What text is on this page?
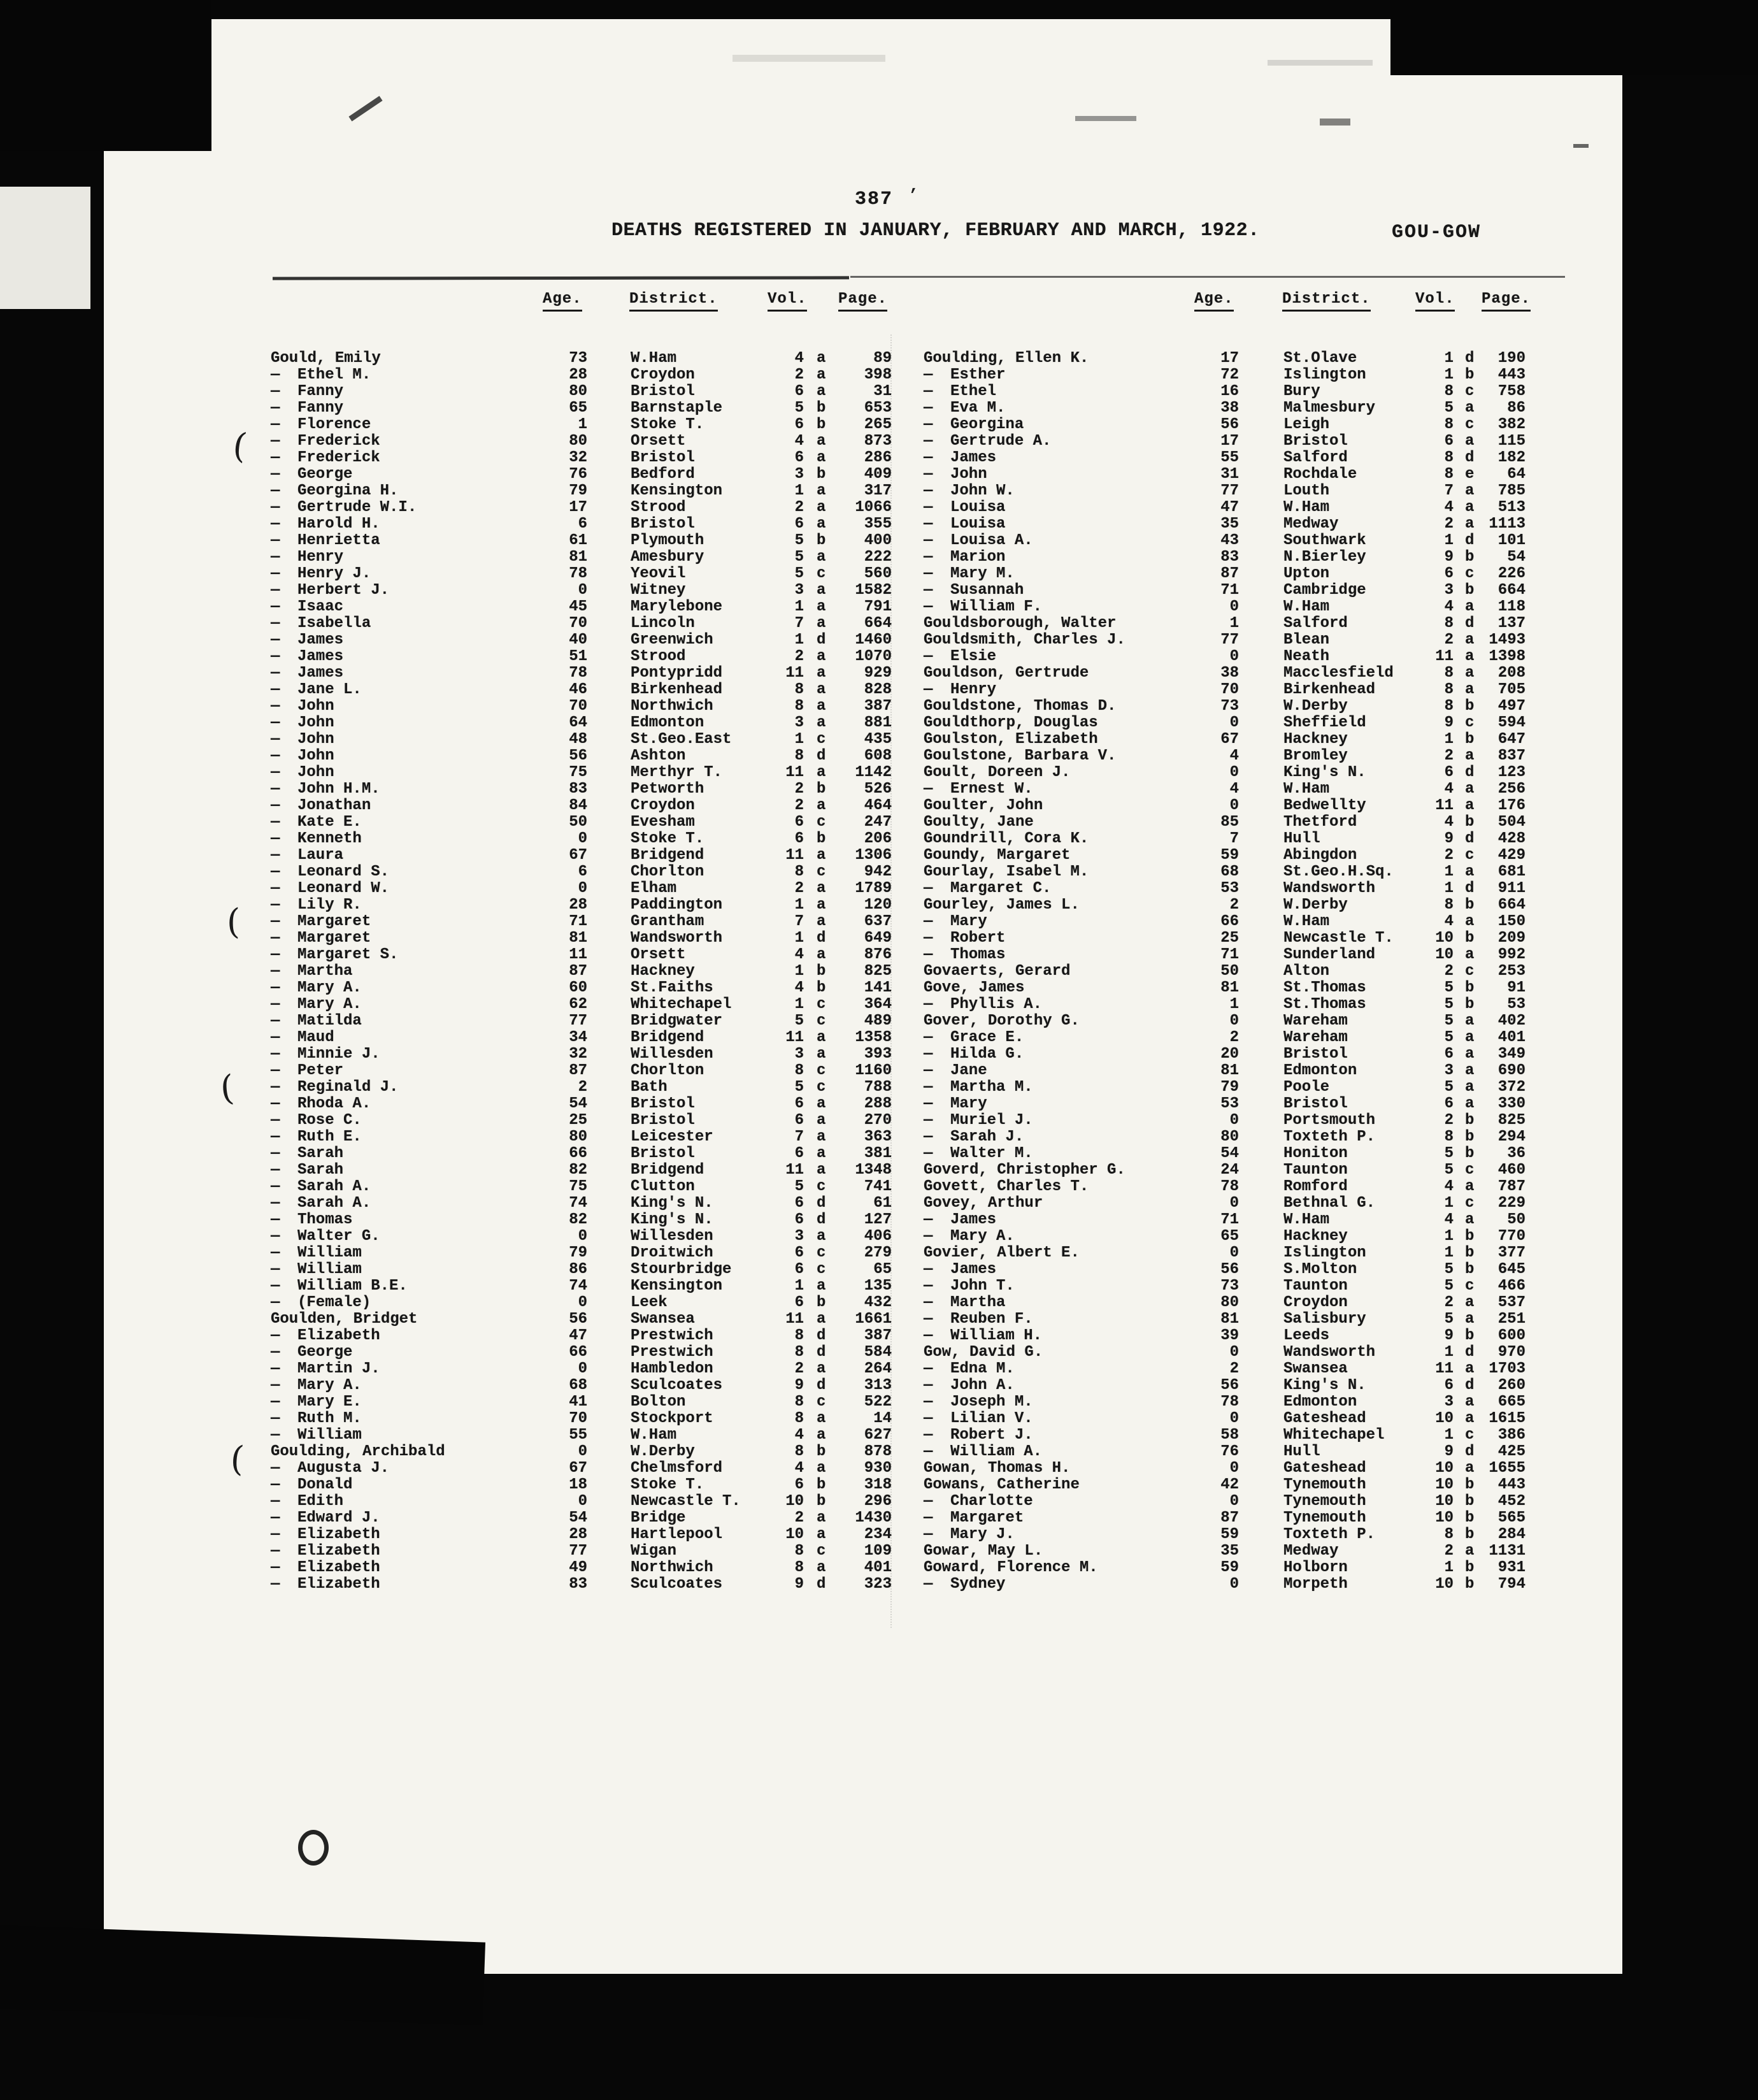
387 ’
DEATHS REGISTERED IN JANUARY, FEBRUARY AND MARCH, 1922.	GOU-GOW
Age.	District.	Vol. Page.	Age.	District.	Vol. Page.
Gould, Emily	73	W.Ham	4 a	89
— Ethel M.	28	Croydon	2 a	398
— Fanny	80	Bristol	6 a	31
— Fanny	65	Barnstaple	5 b	653
— Florence	1	Stoke T.	6 b	265
— Frederick	80	Orsett	4 a	873
— Frederick	32	Bristol	6 a	286
— George	76	Bedford	3 b	409
— Georgina H.	79	Kensington	1 a	317
— Gertrude W.I.	17	Strood	2 a	1066
— Harold H.	6	Bristol	6 a	355
— Henrietta	61	Plymouth	5 b	400
— Henry	81	Amesbury	5 a	222
— Henry J.	78	Yeovil	5 c	560
— Herbert J.	0	Witney	3 a	1582
— Isaac	45	Marylebone	1 a	791
— Isabella	70	Lincoln	7 a	664
— James	40	Greenwich	1 d	1460
— James	51	Strood	2 a	1070
— James	78	Pontypridd	11 a	929
— Jane L.	46	Birkenhead	8 a	828
— John	70	Northwich	8 a	387
— John	64	Edmonton	3 a	881
— John	48	St.Geo.East	1 c	435
— John	56	Ashton	8 d	608
— John	75	Merthyr T.	11 a	1142
— John H.M.	83	Petworth	2 b	526
— Jonathan	84	Croydon	2 a	464
— Kate E.	50	Evesham	6 c	247
— Kenneth	0	Stoke T.	6 b	206
— Laura	67	Bridgend	11 a	1306
— Leonard S.	6	Chorlton	8 c	942
— Leonard W.	0	Elham	2 a	1789
— Lily R.	28	Paddington	1 a	120
— Margaret	71	Grantham	7 a	637
— Margaret	81	Wandsworth	1 d	649
— Margaret S.	11	Orsett	4 a	876
— Martha	87	Hackney	1 b	825
— Mary A.	60	St.Faiths	4 b	141
— Mary A.	62	Whitechapel	1 c	364
— Matilda	77	Bridgwater	5 c	489
— Maud	34	Bridgend	11 a	1358
— Minnie J.	32	Willesden	3 a	393
— Peter	87	Chorlton	8 c	1160
— Reginald J.	2	Bath	5 c	788
— Rhoda A.	54	Bristol	6 a	288
— Rose C.	25	Bristol	6 a	270
— Ruth E.	80	Leicester	7 a	363
— Sarah	66	Bristol	6 a	381
— Sarah	82	Bridgend	11 a	1348
— Sarah A.	75	Clutton	5 c	741
— Sarah A.	74	King's N.	6 d	61
— Thomas	82	King's N.	6 d	127
— Walter G.	0	Willesden	3 a	406
— William	79	Droitwich	6 c	279
— William	86	Stourbridge	6 c	65
— William B.E.	74	Kensington	1 a	135
— (Female)	0	Leek	6 b	432
Goulden, Bridget	56	Swansea	11 a	1661
— Elizabeth	47	Prestwich	8 d	387
— George	66	Prestwich	8 d	584
— Martin J.	0	Hambledon	2 a	264
— Mary A.	68	Sculcoates	9 d	313
— Mary E.	41	Bolton	8 c	522
— Ruth M.	70	Stockport	8 a	14
— William	55	W.Ham	4 a	627
Goulding, Archibald	0	W.Derby	8 b	878
— Augusta J.	67	Chelmsford	4 a	930
— Donald	18	Stoke T.	6 b	318
— Edith	0	Newcastle T.	10 b	296
— Edward J.	54	Bridge	2 a	1430
— Elizabeth	28	Hartlepool	10 a	234
— Elizabeth	77	Wigan	8 c	109
— Elizabeth	49	Northwich	8 a	401
— Elizabeth	83	Sculcoates	9 d	323
Goulding, Ellen K.	17	St.Olave	1 d	190
— Esther	72	Islington	1 b	443
— Ethel	16	Bury	8 c	758
— Eva M.	38	Malmesbury	5 a	86
— Georgina	56	Leigh	8 c	382
— Gertrude A.	17	Bristol	6 a	115
— James	55	Salford	8 d	182
— John	31	Rochdale	8 e	64
— John W.	77	Louth	7 a	785
— Louisa	47	W.Ham	4 a	513
— Louisa	35	Medway	2 a 1113
— Louisa A.	43	Southwark	1 d	101
— Marion	83	N.Bierley	9 b	54
— Mary M.	87	Upton	6 c	226
— Susannah	71	Cambridge	3 b	664
— William F.	0	W.Ham	4 a	118
Gouldsborough, Walter	1	Salford	8 d	137
Gouldsmith, Charles J.	77	Blean	2 a 1493
— Elsie	0	Neath	11 a 1398
Gouldson, Gertrude	38	Macclesfield	8 a	208
— Henry	70	Birkenhead	8 a	705
Gouldstone, Thomas D.	73	W.Derby	8 b	497
Gouldthorp, Douglas	0	Sheffield	9 c	594
Goulston, Elizabeth	67	Hackney	1 b	647
Goulstone, Barbara V.	4	Bromley	2 a	837
Goult, Doreen J.	0	King's N.	6 d	123
— Ernest W.	4	W.Ham	4 a	256
Goulter, John	0	Bedwellty	11 a	176
Goulty, Jane	85	Thetford	4 b	504
Goundrill, Cora K.	7	Hull	9 d	428
Goundy, Margaret	59	Abingdon	2 c	429
Gourlay, Isabel M.	68	St.Geo.H.Sq.	1 a	681
— Margaret C.	53	Wandsworth	1 d	911
Gourley, James L.	2	W.Derby	8 b	664
— Mary	66	W.Ham	4 a	150
— Robert	25	Newcastle T.	10 b	209
— Thomas	71	Sunderland	10 a	992
Govaerts, Gerard	50	Alton	2 c	253
Gove, James	81	St.Thomas	5 b	91
— Phyllis A.	1	St.Thomas	5 b	53
Gover, Dorothy G.	0	Wareham	5 a	402
— Grace E.	2	Wareham	5 a	401
— Hilda G.	20	Bristol	6 a	349
— Jane	81	Edmonton	3 a	690
— Martha M.	79	Poole	5 a	372
— Mary	53	Bristol	6 a	330
— Muriel J.	0	Portsmouth	2 b	825
— Sarah J.	80	Toxteth P.	8 b	294
— Walter M.	54	Honiton	5 b	36
Goverd, Christopher G.	24	Taunton	5 c	460
Govett, Charles T.	78	Romford	4 a	787
Govey, Arthur	0	Bethnal G.	1 c	229
— James	71	W.Ham	4 a	50
— Mary A.	65	Hackney	1 b	770
Govier, Albert E.	0	Islington	1 b	377
— James	56	S.Molton	5 b	645
— John T.	73	Taunton	5 c	466
— Martha	80	Croydon	2 a	537
— Reuben F.	81	Salisbury	5 a	251
— William H.	39	Leeds	9 b	600
Gow, David G.	0	Wandsworth	1 d	970
— Edna M.	2	Swansea	11 a 1703
— John A.	56	King's N.	6 d	260
— Joseph M.	78	Edmonton	3 a	665
— Lilian V.	0	Gateshead	10 a 1615
— Robert J.	58	Whitechapel	1 c	386
— William A.	76	Hull	9 d	425
Gowan, Thomas H.	0	Gateshead	10 a 1655
Gowans, Catherine	42	Tynemouth	10 b	443
— Charlotte	0	Tynemouth	10 b	452
— Margaret	87	Tynemouth	10 b	565
— Mary J.	59	Toxteth P.	8 b	284
Gowar, May L.	35	Medway	2 a 1131
Goward, Florence M.	59	Holborn	1 b	931
— Sydney	0	Morpeth	10 b	794
(
(
(
(
